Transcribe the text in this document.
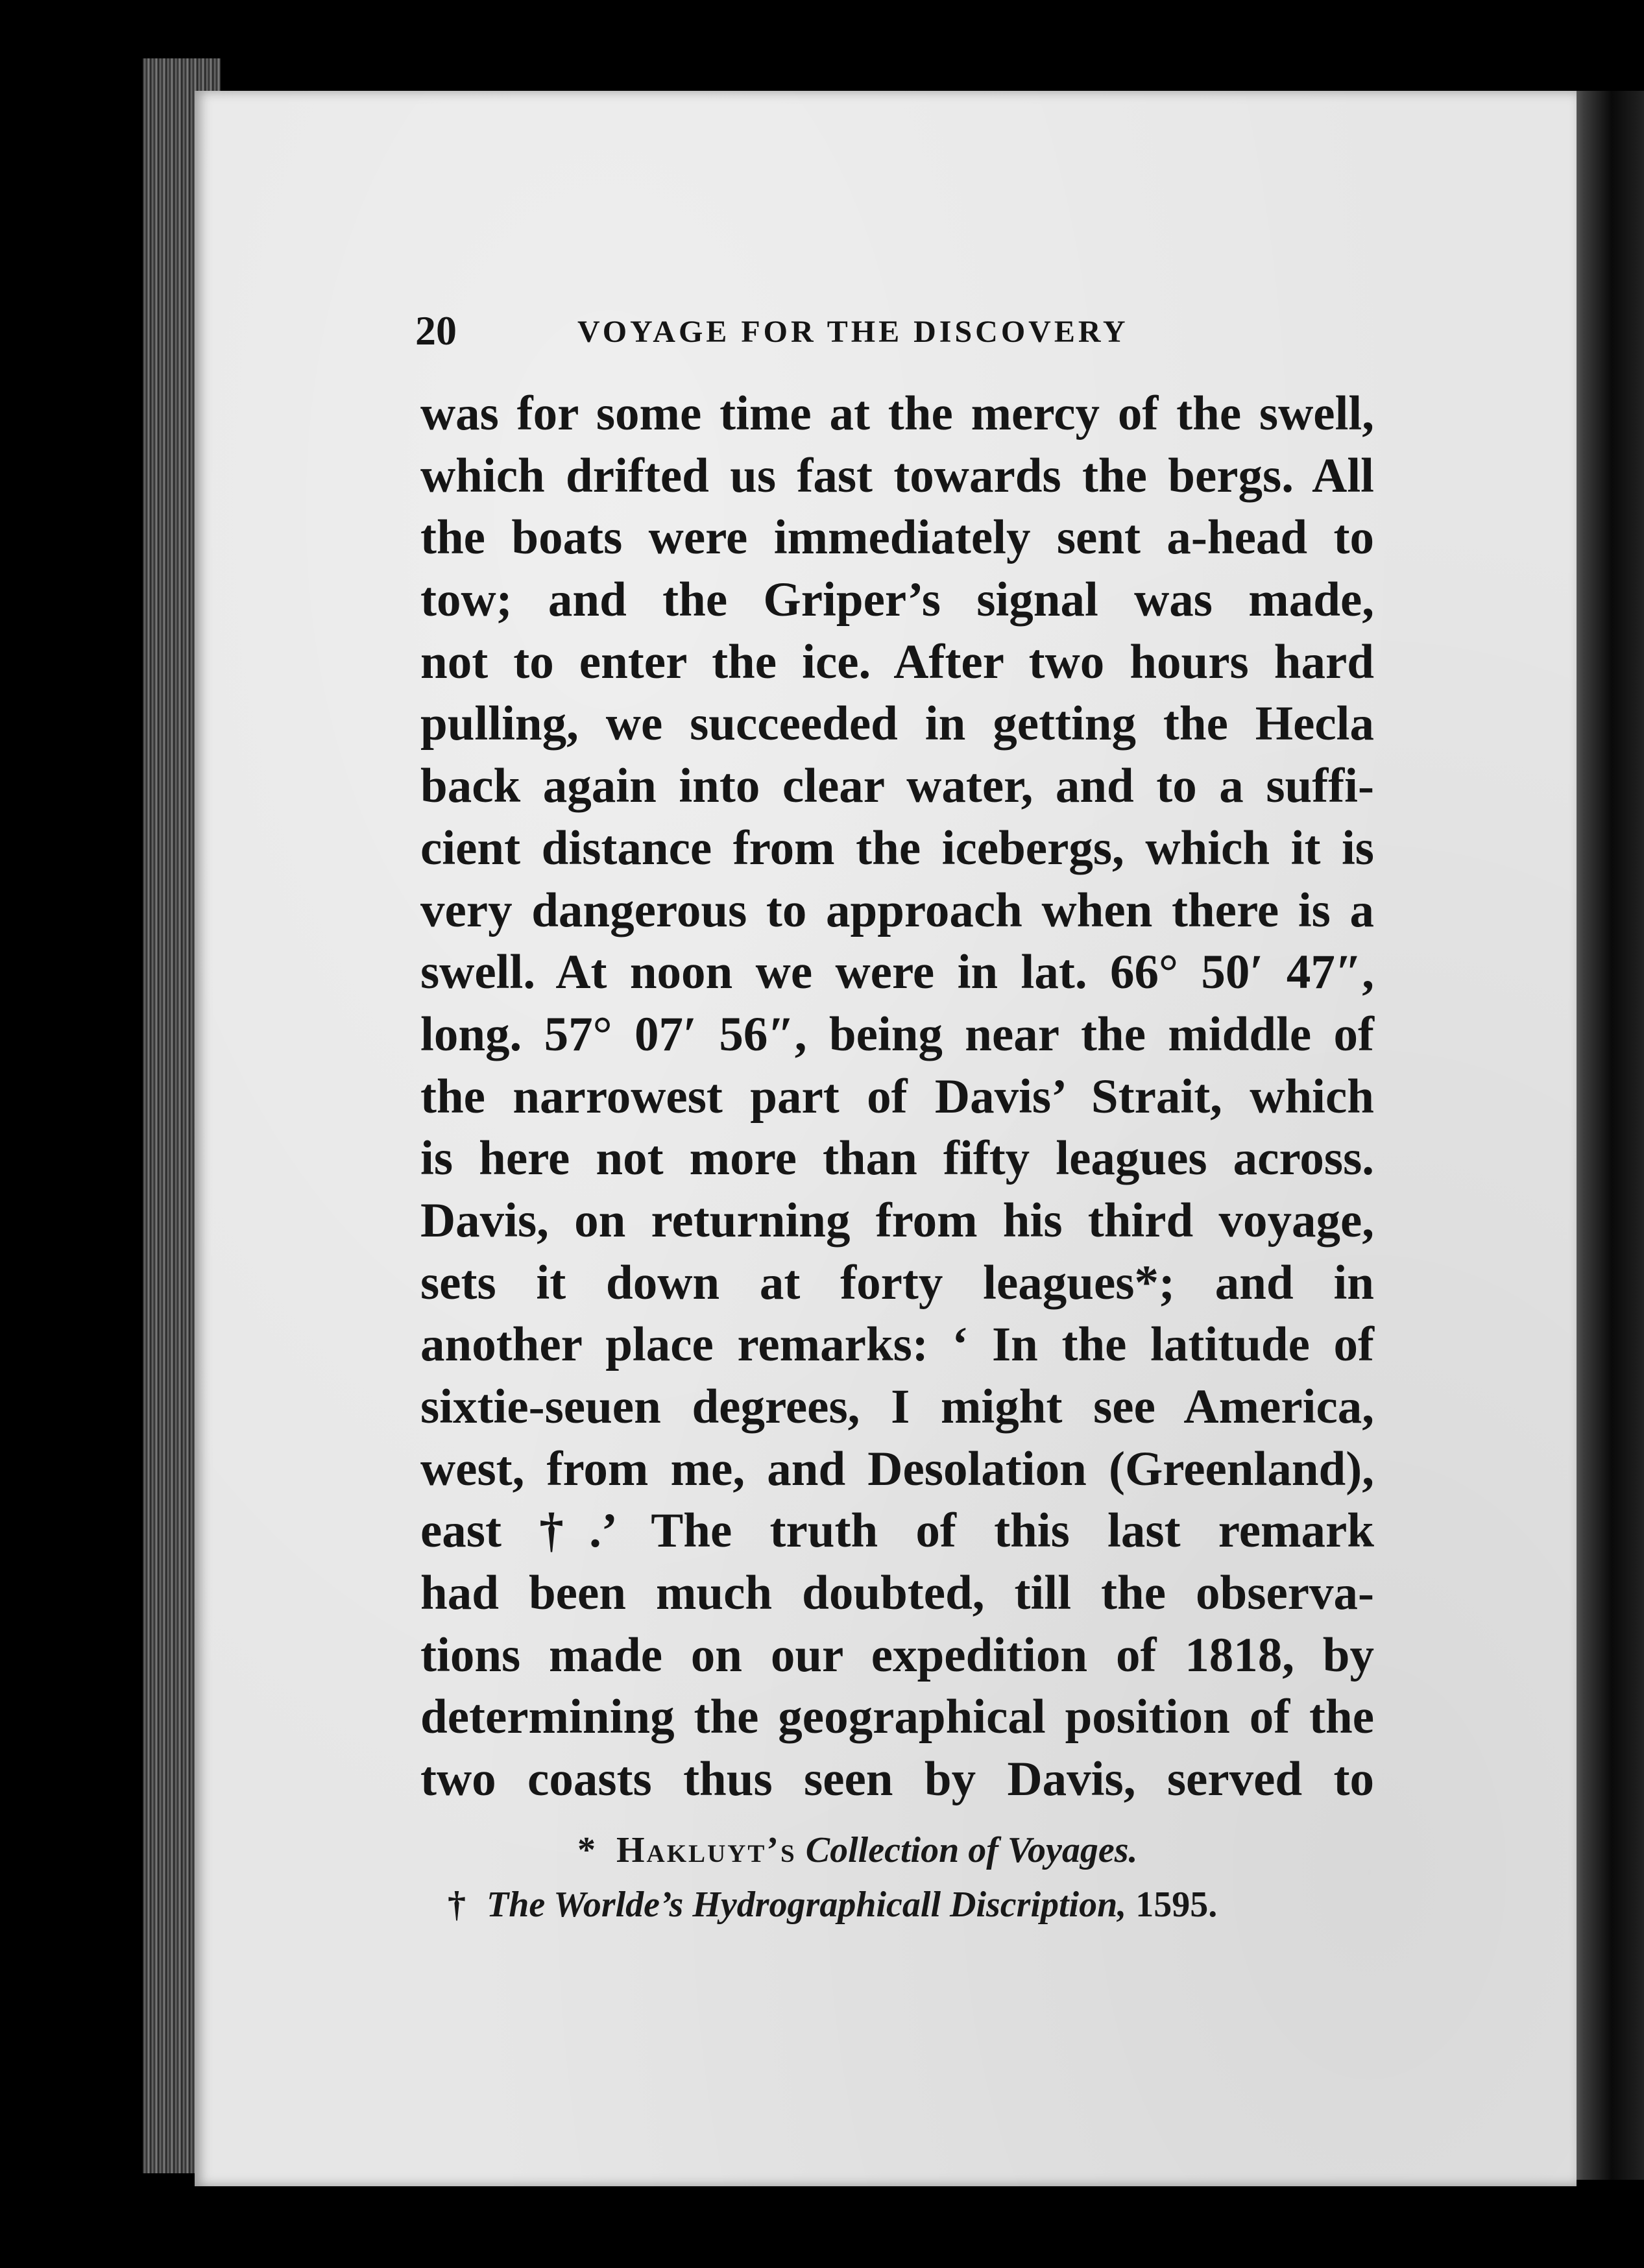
20	VOYAGE FOR THE DISCOVERY
was for some time at the mercy of the swell,
which drifted us fast towards the bergs. All
the boats were immediately sent a-head to
tow; and the Griper’s signal was made,
not to enter the ice. After two hours hard
pulling, we succeeded in getting the Hecla
back again into clear water, and to a suffi-
cient distance from the icebergs, which it is
very dangerous to approach when there is a
swell. At noon we were in lat. 66° 50′ 47″,
long. 57° 07′ 56″, being near the middle of
the narrowest part of Davis’ Strait, which
is here not more than fifty leagues across.
Davis, on returning from his third voyage,
sets it down at forty leagues*; and in
another place remarks: ‘ In the latitude of
sixtie-seuen degrees, I might see America,
west, from me, and Desolation (Greenland),
east †.’ The truth of this last remark
had been much doubted, till the observa-
tions made on our expedition of 1818, by
determining the geographical position of the
two coasts thus seen by Davis, served to
* Hakluyt’s Collection of Voyages.
† The Worlde’s Hydrographicall Discription, 1595.
